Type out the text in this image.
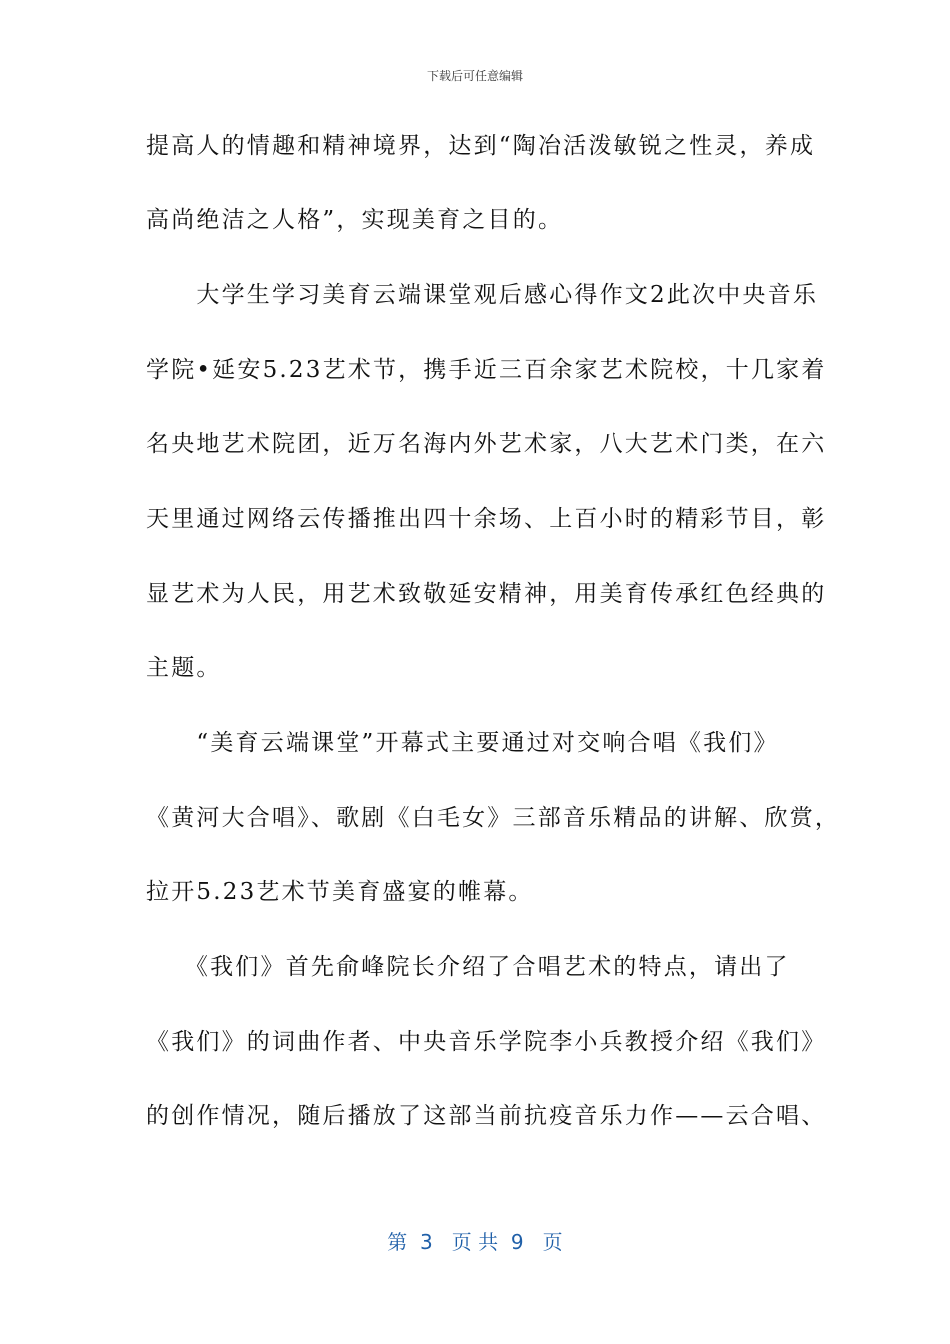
下载后可任意编辑
提高人的情趣和精神境界，达到“陶冶活泼敏锐之性灵，养成
高尚绝洁之人格”，实现美育之目的。
　　大学生学习美育云端课堂观后感心得作文2此次中央音乐
学院•延安5.23艺术节，携手近三百余家艺术院校，十几家着
名央地艺术院团，近万名海内外艺术家，八大艺术门类，在六
天里通过网络云传播推出四十余场、上百小时的精彩节目，彰
显艺术为人民，用艺术致敬延安精神，用美育传承红色经典的
主题。
　　“美育云端课堂”开幕式主要通过对交响合唱《我们》
《黄河大合唱》、歌剧《白毛女》三部音乐精品的讲解、欣赏，
拉开5.23艺术节美育盛宴的帷幕。
　　《我们》首先俞峰院长介绍了合唱艺术的特点，请出了
《我们》的词曲作者、中央音乐学院李小兵教授介绍《我们》
的创作情况，随后播放了这部当前抗疫音乐力作——云合唱、
第  3   页 共  9   页
